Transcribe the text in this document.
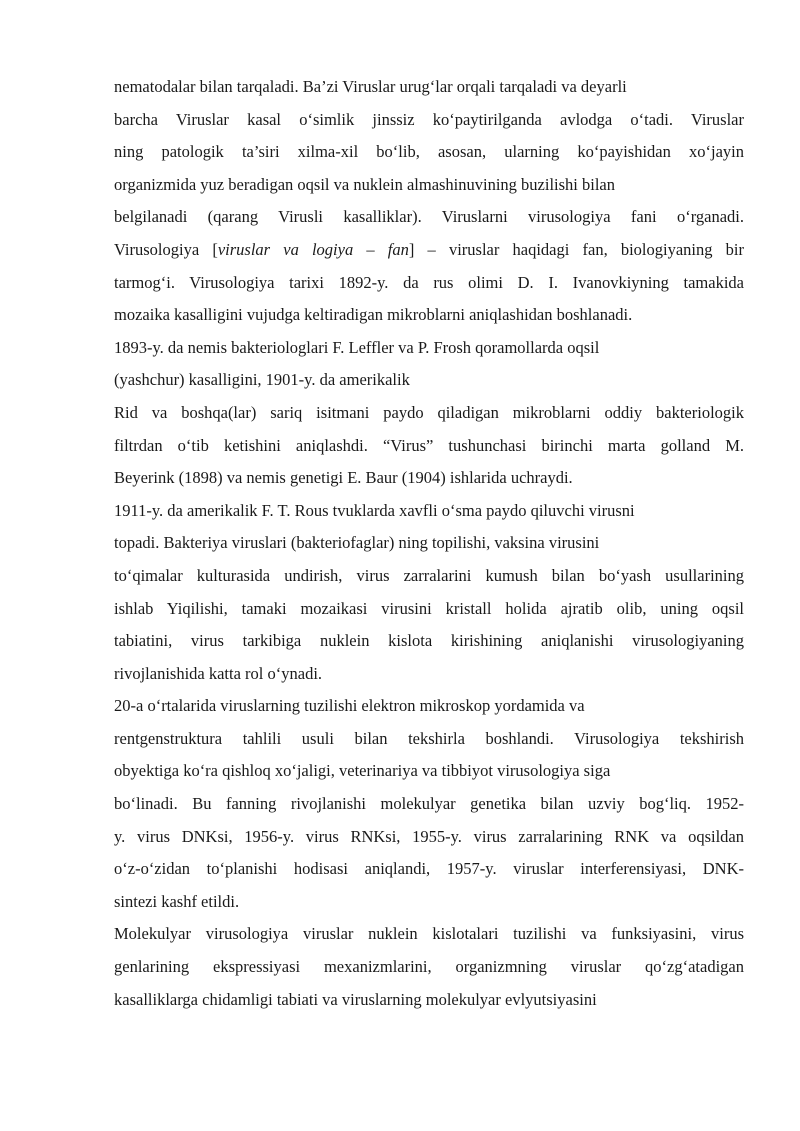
nematodalar bilan tarqaladi. Ba’zi Viruslar urug‘lar orqali tarqaladi va deyarli
barcha Viruslar kasal o‘simlik jinssiz ko‘paytirilganda avlodga o‘tadi. Viruslar
ning patologik ta’siri xilma-xil bo‘lib, asosan, ularning ko‘payishidan xo‘jayin
organizmida yuz beradigan oqsil va nuklein almashinuvining buzilishi bilan
belgilanadi (qarang Virusli kasalliklar). Viruslarni virusologiya fani o‘rganadi.
Virusologiya [viruslar va logiya – fan] – viruslar haqidagi fan, biologiyaning bir
tarmog‘i. Virusologiya tarixi 1892-y. da rus olimi D. I. Ivanovkiyning tamakida
mozaika kasalligini vujudga keltiradigan mikroblarni aniqlashidan boshlanadi.
1893-y. da nemis bakteriologlari F. Leffler va P. Frosh qoramollarda oqsil
(yashchur) kasalligini, 1901-y. da amerikalik
Rid va boshqa(lar) sariq isitmani paydo qiladigan mikroblarni oddiy bakteriologik
filtrdan o‘tib ketishini aniqlashdi. “Virus” tushunchasi birinchi marta golland M.
Beyerink (1898) va nemis genetigi E. Baur (1904) ishlarida uchraydi.
1911-y. da amerikalik F. T. Rous tvuklarda xavfli o‘sma paydo qiluvchi virusni
topadi. Bakteriya viruslari (bakteriofaglar) ning topilishi, vaksina virusini
to‘qimalar kulturasida undirish, virus zarralarini kumush bilan bo‘yash usullarining
ishlab Yiqilishi, tamaki mozaikasi virusini kristall holida ajratib olib, uning oqsil
tabiatini, virus tarkibiga nuklein kislota kirishining aniqlanishi virusologiyaning
rivojlanishida katta rol o‘ynadi.
20-a o‘rtalarida viruslarning tuzilishi elektron mikroskop yordamida va
rentgenstruktura tahlili usuli bilan tekshirla boshlandi. Virusologiya tekshirish
obyektiga ko‘ra qishloq xo‘jaligi, veterinariya va tibbiyot virusologiya siga
bo‘linadi. Bu fanning rivojlanishi molekulyar genetika bilan uzviy bog‘liq. 1952-
y. virus DNKsi, 1956-y. virus RNKsi, 1955-y. virus zarralarining RNK va oqsildan
o‘z-o‘zidan to‘planishi hodisasi aniqlandi, 1957-y. viruslar interferensiyasi, DNK-
sintezi kashf etildi.
Molekulyar virusologiya viruslar nuklein kislotalari tuzilishi va funksiyasini, virus
genlarining ekspressiyasi mexanizmlarini, organizmning viruslar qo‘zg‘atadigan
kasalliklarga chidamligi tabiati va viruslarning molekulyar evlyutsiyasini
